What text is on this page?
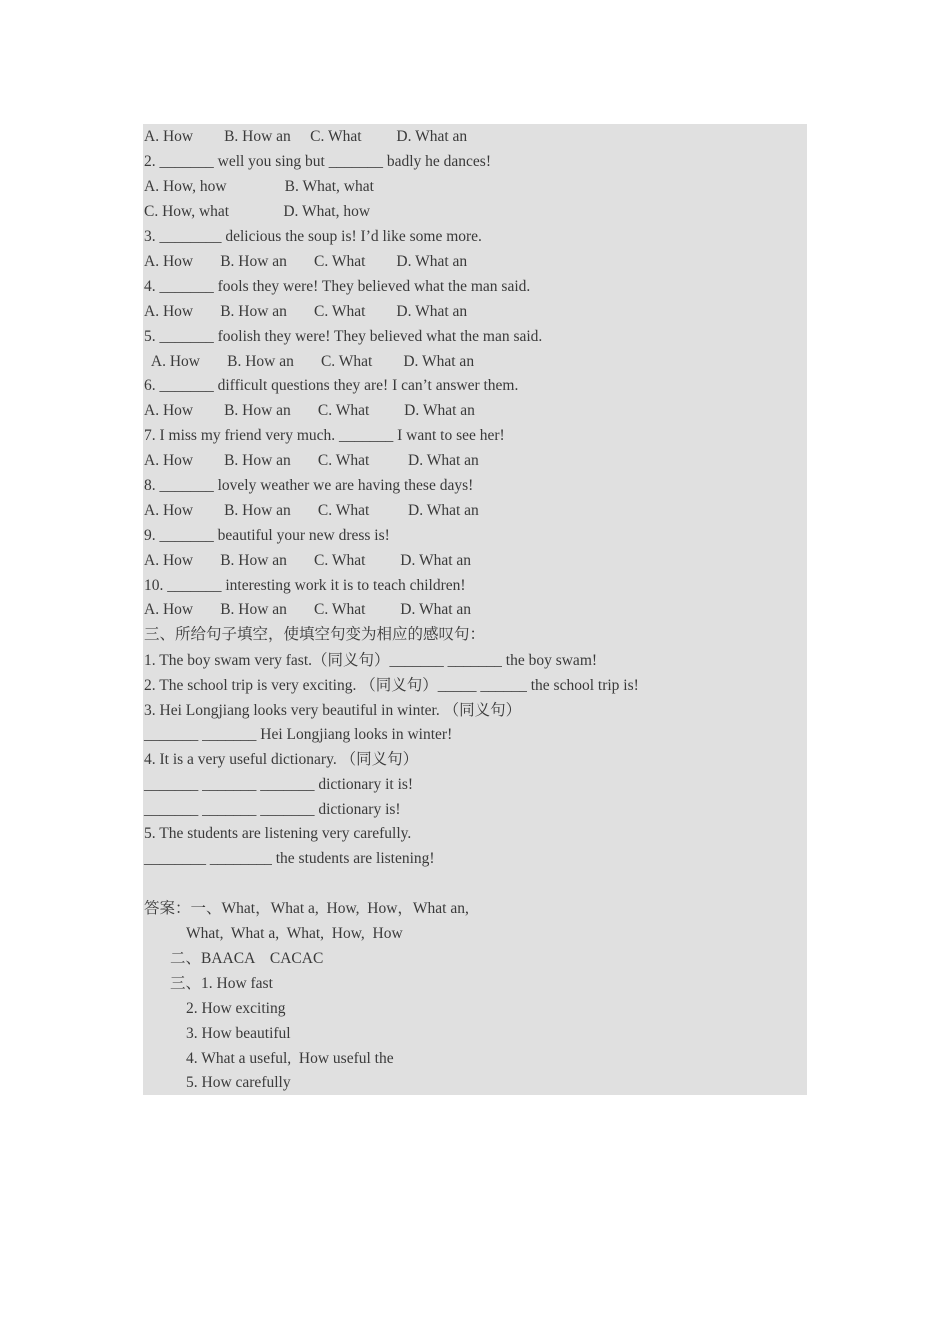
A. How        B. How an     C. What         D. What an
2. _______ well you sing but _______ badly he dances!
A. How, how               B. What, what
C. How, what              D. What, how
3. ________ delicious the soup is! I’d like some more.
A. How       B. How an       C. What        D. What an
4. _______ fools they were! They believed what the man said.
A. How       B. How an       C. What        D. What an
5. _______ foolish they were! They believed what the man said.
A. How       B. How an       C. What        D. What an
6. _______ difficult questions they are! I can’t answer them.
A. How        B. How an       C. What         D. What an
7. I miss my friend very much. _______ I want to see her!
A. How        B. How an       C. What          D. What an
8. _______ lovely weather we are having these days!
A. How        B. How an       C. What          D. What an
9. _______ beautiful your new dress is!
A. How       B. How an       C. What         D. What an
10. _______ interesting work it is to teach children!
A. How       B. How an       C. What         D. What an
三、所给句子填空，使填空句变为相应的感叹句：
1. The boy swam very fast.（同义句）_______ _______ the boy swam!
2. The school trip is very exciting. （同义句）_____ ______ the school trip is!
3. Hei Longjiang looks very beautiful in winter. （同义句）
_______ _______ Hei Longjiang looks in winter!
4. It is a very useful dictionary. （同义句）
_______ _______ _______ dictionary it is!
_______ _______ _______ dictionary is!
5. The students are listening very carefully.
________ ________ the students are listening!
答案：一、What，What a,  How,  How，What an,
What,  What a,  What,  How,  How
二、BAACA    CACAC
三、1. How fast
2. How exciting
3. How beautiful
4. What a useful,  How useful the
5. How carefully
